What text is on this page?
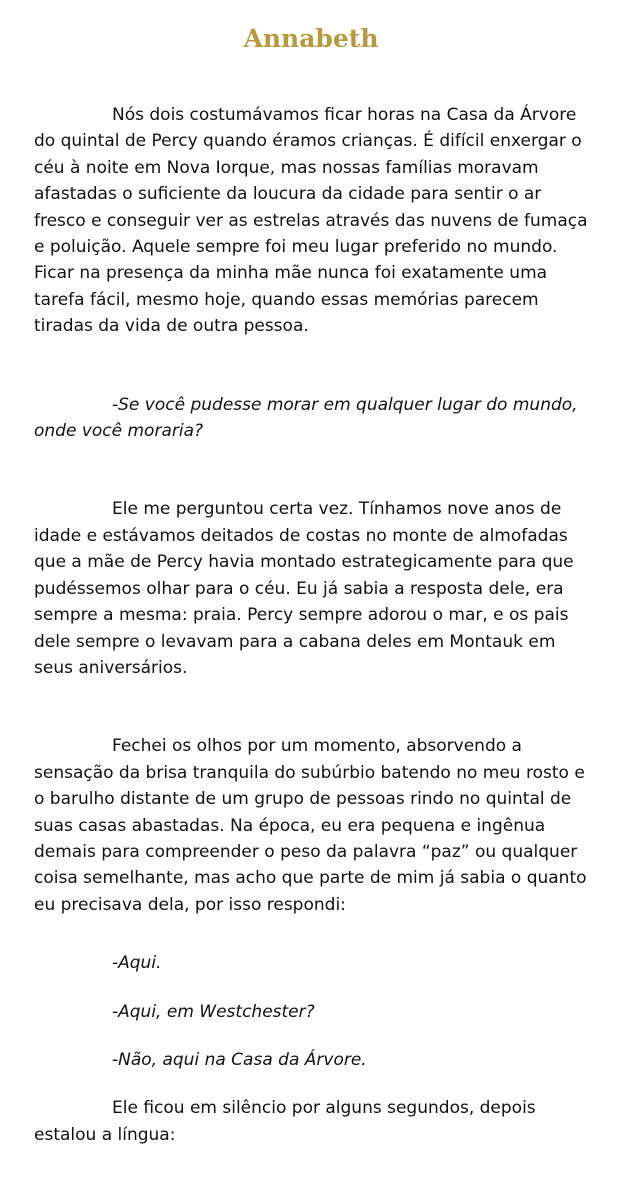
Annabeth

Nós dois costumávamos ficar horas na Casa da Árvore do quintal de Percy quando éramos crianças. É difícil enxergar o céu à noite em Nova Iorque, mas nossas famílias moravam afastadas o suficiente da loucura da cidade para sentir o ar fresco e conseguir ver as estrelas através das nuvens de fumaça e poluição. Aquele sempre foi meu lugar preferido no mundo. Ficar na presença da minha mãe nunca foi exatamente uma tarefa fácil, mesmo hoje, quando essas memórias parecem tiradas da vida de outra pessoa.

-Se você pudesse morar em qualquer lugar do mundo, onde você moraria?

Ele me perguntou certa vez. Tínhamos nove anos de idade e estávamos deitados de costas no monte de almofadas que a mãe de Percy havia montado estrategicamente para que pudéssemos olhar para o céu. Eu já sabia a resposta dele, era sempre a mesma: praia. Percy sempre adorou o mar, e os pais dele sempre o levavam para a cabana deles em Montauk em seus aniversários.

Fechei os olhos por um momento, absorvendo a sensação da brisa tranquila do subúrbio batendo no meu rosto e o barulho distante de um grupo de pessoas rindo no quintal de suas casas abastadas. Na época, eu era pequena e ingênua demais para compreender o peso da palavra “paz” ou qualquer coisa semelhante, mas acho que parte de mim já sabia o quanto eu precisava dela, por isso respondi:

-Aqui.

-Aqui, em Westchester?

-Não, aqui na Casa da Árvore.

Ele ficou em silêncio por alguns segundos, depois estalou a língua:
